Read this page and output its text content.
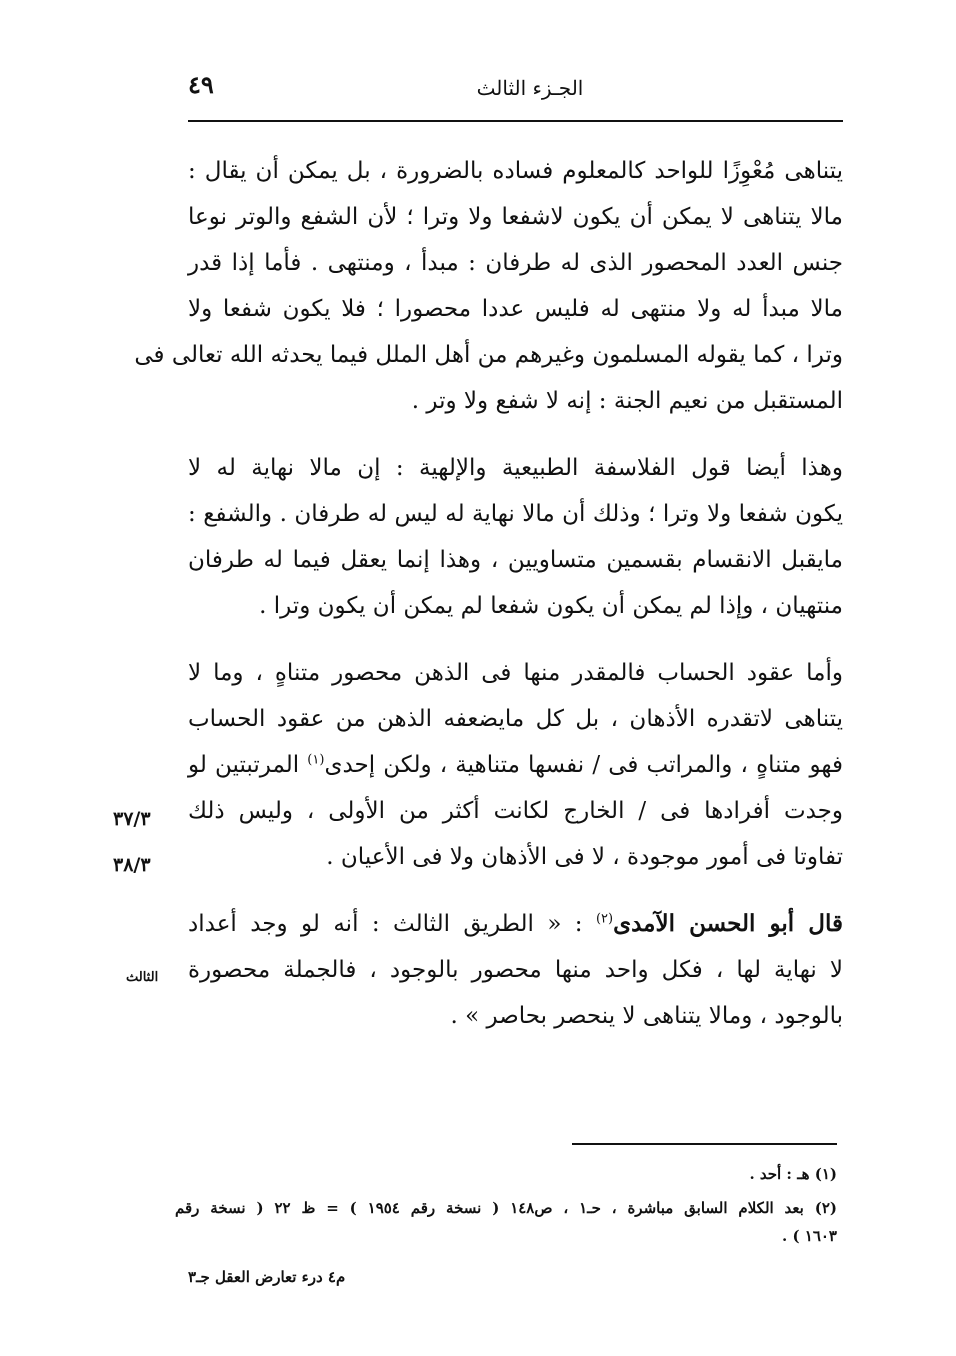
الجـزء الثالث
٤٩
يتناهى مُعْوِزًا للواحد كالمعلوم فساده بالضرورة ، بل يمكن أن يقال :
مالا يتناهى لا يمكن أن يكون لاشفعا ولا وترا ؛ لأن الشفع والوتر نوعا
جنس العدد المحصور الذى له طرفان : مبدأ ، ومنتهى . فأما إذا قدر
مالا مبدأ له ولا منتهى له فليس عددا محصورا ؛ فلا يكون شفعا ولا
وترا ، كما يقوله المسلمون وغيرهم من أهل الملل فيما يحدثه الله تعالى فى
المستقبل من نعيم الجنة : إنه لا شفع ولا وتر .
وهذا أيضا قول الفلاسفة الطبيعية والإلهية : إن مالا نهاية له لا
يكون شفعا ولا وترا ؛ وذلك أن مالا نهاية له ليس له طرفان . والشفع :
مايقبل الانقسام بقسمين متساويين ، وهذا إنما يعقل فيما له طرفان
منتهيان ، وإذا لم يمكن أن يكون شفعا لم يمكن أن يكون وترا .
وأما عقود الحساب فالمقدر منها فى الذهن محصور متناهٍ ، وما لا
يتناهى لاتقدره الأذهان ، بل كل مايضعفه الذهن من عقود الحساب
فهو متناهٍ ، والمراتب فى / نفسها متناهية ، ولكن إحدى$^{(١)}$ المرتبتين لو
وجدت أفرادها فى / الخارج لكانت أكثر من الأولى ، وليس ذلك
تفاوتا فى أمور موجودة ، لا فى الأذهان ولا فى الأعيان .
قال أبو الحسن الآمدى$^{(٢)}$ : « الطريق الثالث : أنه لو وجد أعداد
لا نهاية لها ، فكل واحد منها محصور بالوجود ، فالجملة محصورة
بالوجود ، ومالا يتناهى لا ينحصر بحاصر » .
٣٧/٣
٣٨/٣
الثالث
(١) هـ : أحد .
(٢) بعد الكلام السابق مباشرة ، حـ١ ، ص١٤٨ ( نسخة رقم ١٩٥٤ ) = ظ ٢٢ ( نسخة رقم
١٦٠٣ ) .
م٤ درء تعارض العقل جـ٣
